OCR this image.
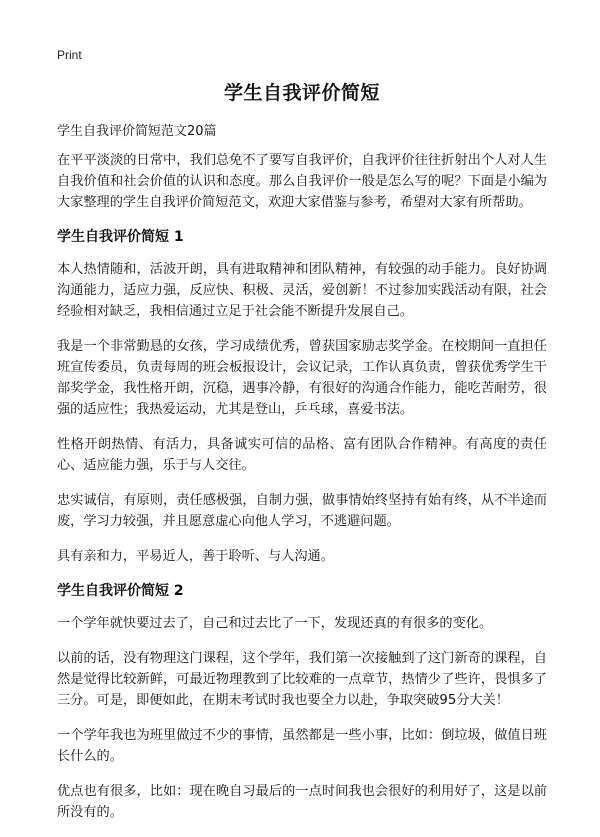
Print
学生自我评价简短

学生自我评价简短范文20篇

在平平淡淡的日常中，我们总免不了要写自我评价，自我评价往往折射出个人对人生自我价值和社会价值的认识和态度。那么自我评价一般是怎么写的呢？下面是小编为大家整理的学生自我评价简短范文，欢迎大家借鉴与参考，希望对大家有所帮助。

学生自我评价简短 1

本人热情随和，活波开朗，具有进取精神和团队精神，有较强的动手能力。良好协调沟通能力，适应力强，反应快、积极、灵活，爱创新！不过参加实践活动有限，社会经验相对缺乏，我相信通过立足于社会能不断提升发展自己。

我是一个非常勤恳的女孩，学习成绩优秀，曾获国家励志奖学金。在校期间一直担任班宣传委员，负责每周的班会板报设计，会议记录，工作认真负责，曾获优秀学生干部奖学金，我性格开朗，沉稳，遇事冷静，有很好的沟通合作能力，能吃苦耐劳，很强的适应性；我热爱运动，尤其是登山，乒乓球，喜爱书法。

性格开朗热情、有活力，具备诚实可信的品格、富有团队合作精神。有高度的责任心、适应能力强，乐于与人交往。

忠实诚信，有原则，责任感极强，自制力强，做事情始终坚持有始有终，从不半途而废，学习力较强，并且愿意虚心向他人学习，不逃避问题。

具有亲和力，平易近人，善于聆听、与人沟通。

学生自我评价简短 2

一个学年就快要过去了，自己和过去比了一下，发现还真的有很多的变化。

以前的话，没有物理这门课程，这个学年，我们第一次接触到了这门新奇的课程，自然是觉得比较新鲜，可最近物理教到了比较难的一点章节，热情少了些许，畏惧多了三分。可是，即便如此，在期末考试时我也要全力以赴，争取突破95分大关！

一个学年我也为班里做过不少的事情，虽然都是一些小事，比如：倒垃圾，做值日班长什么的。

优点也有很多，比如：现在晚自习最后的一点时间我也会很好的利用好了，这是以前所没有的。
